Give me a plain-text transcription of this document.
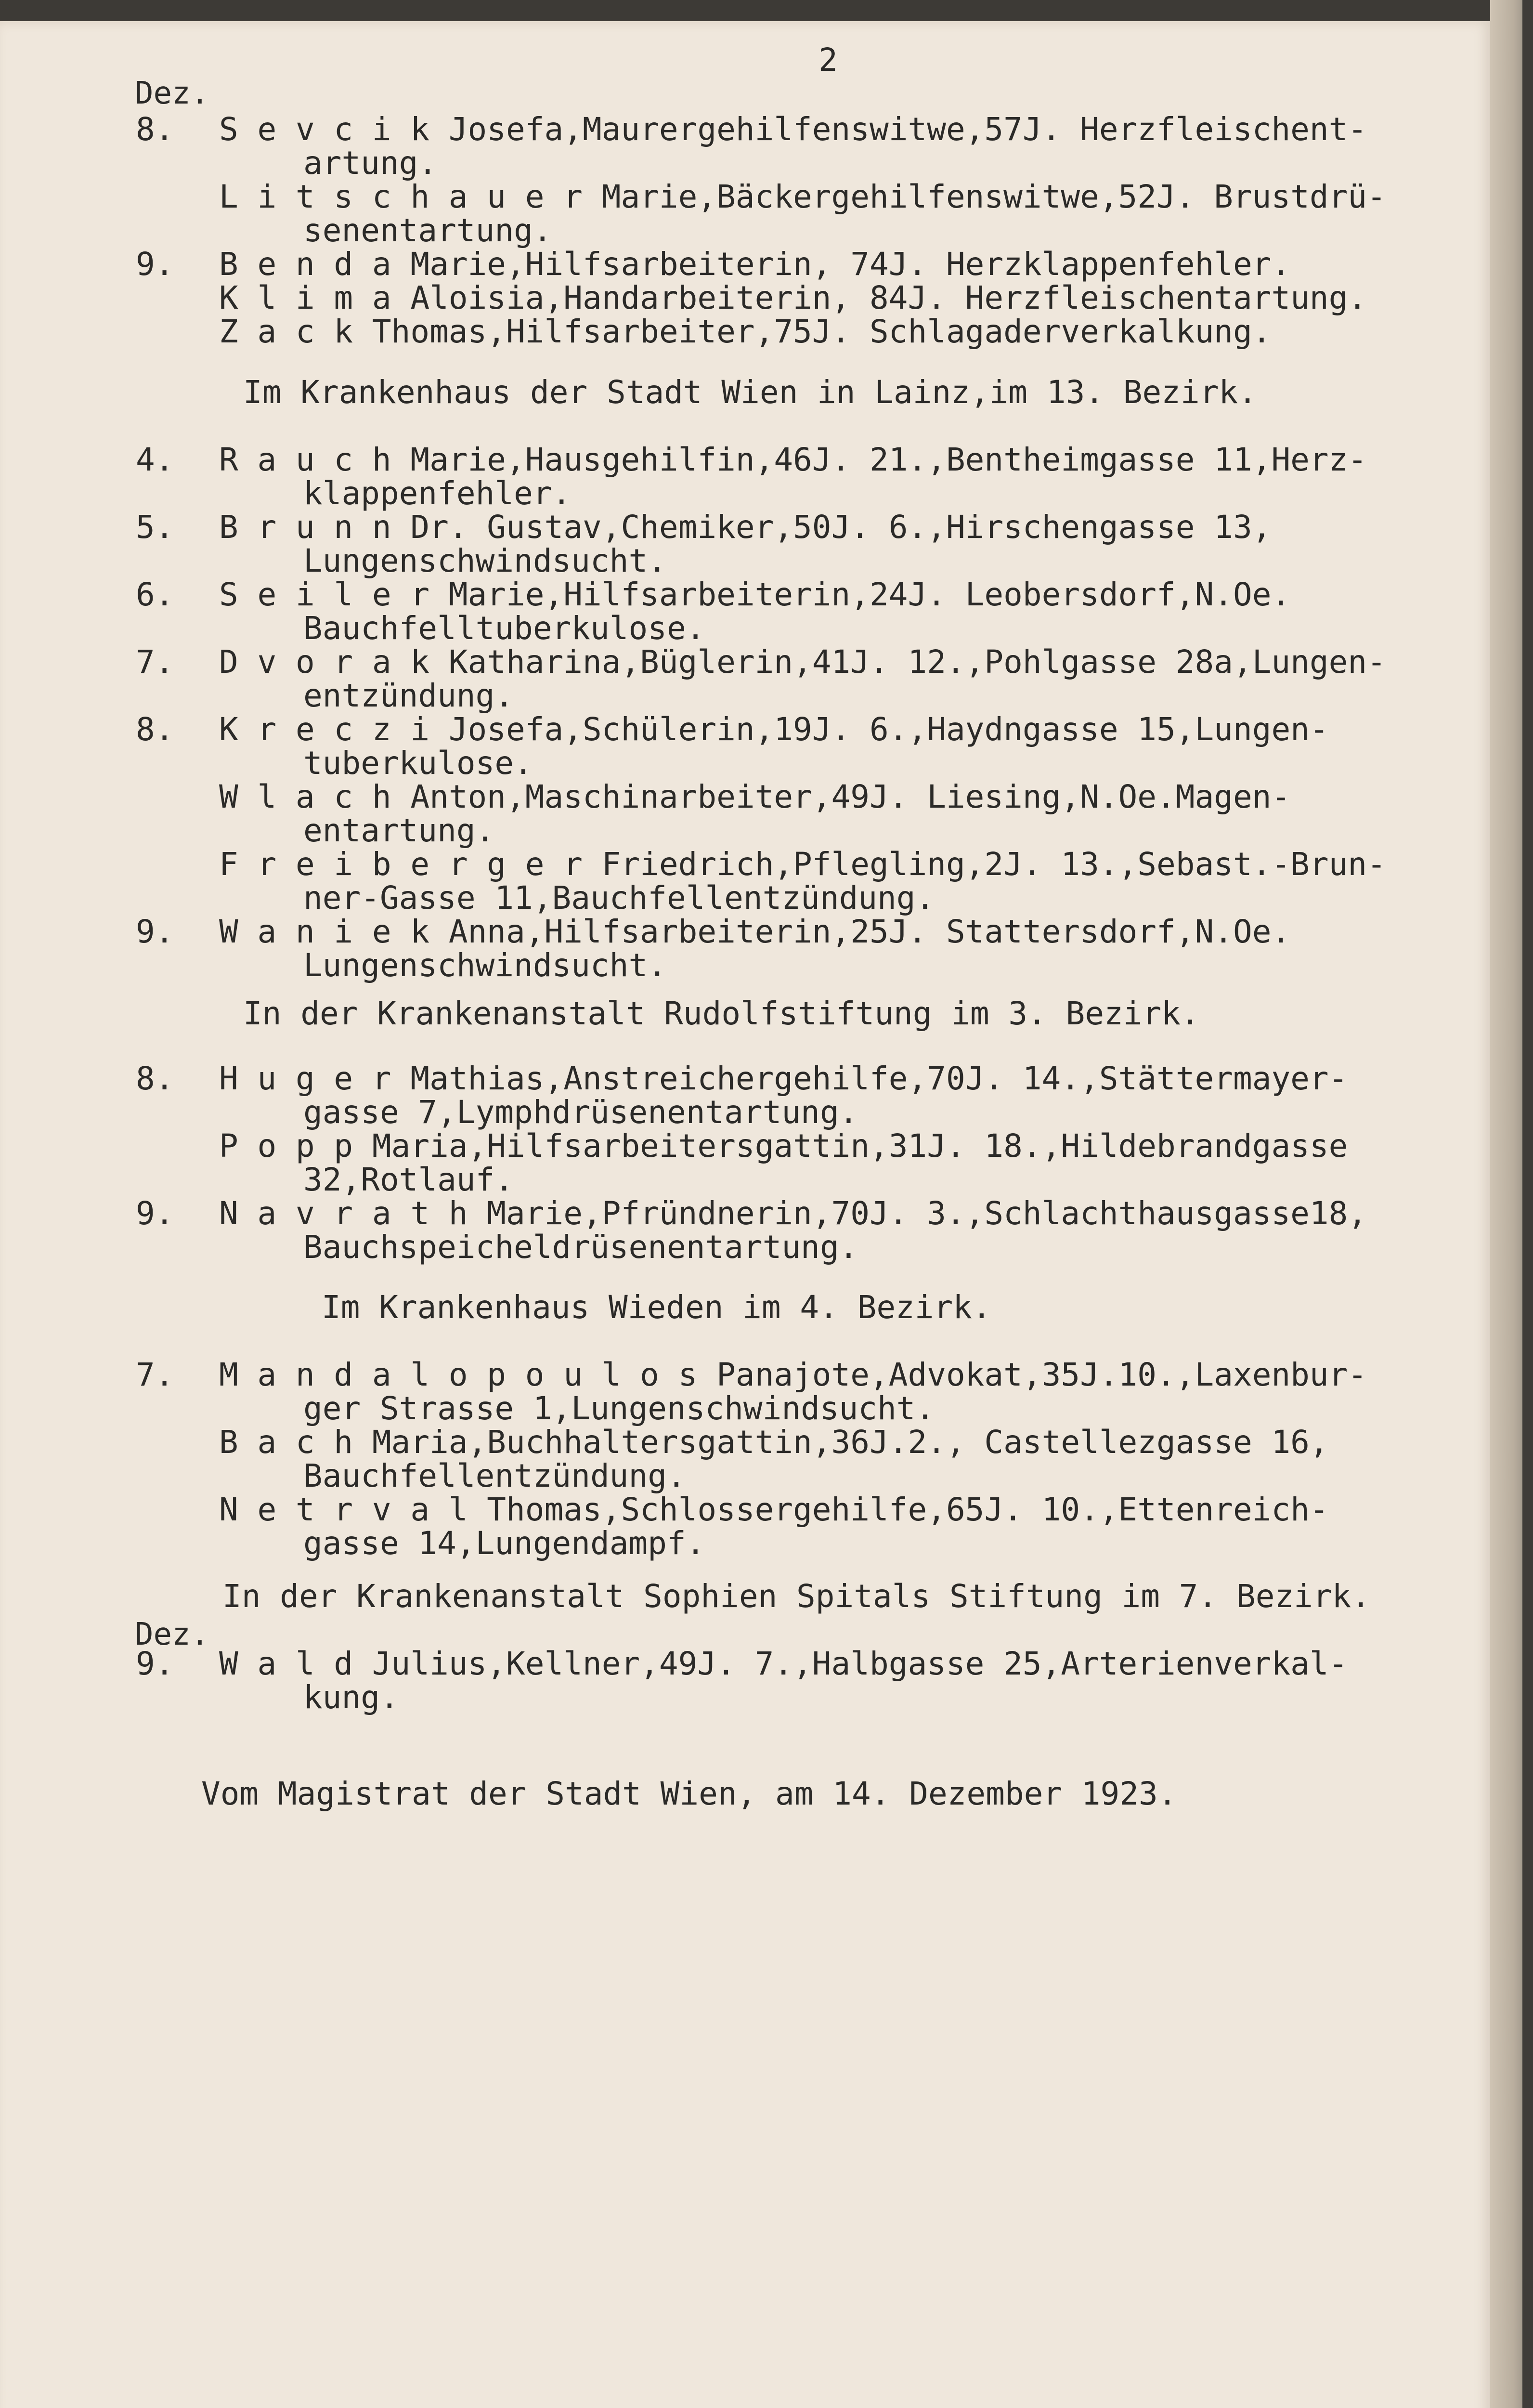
2
Dez.
8. S e v c i k Josefa,Maurergehilfenswitwe,57J. Herzfleischent-
artung.
L i t s c h a u e r Marie,Bäckergehilfenswitwe,52J. Brustdrü-
senentartung.
9. B e n d a Marie,Hilfsarbeiterin, 74J. Herzklappenfehler.
K l i m a Aloisia,Handarbeiterin, 84J. Herzfleischentartung.
Z a c k Thomas,Hilfsarbeiter,75J. Schlagaderverkalkung.
Im Krankenhaus der Stadt Wien in Lainz,im 13. Bezirk.
4. R a u c h Marie,Hausgehilfin,46J. 21.,Bentheimgasse 11,Herz-
klappenfehler.
5. B r u n n Dr. Gustav,Chemiker,50J. 6.,Hirschengasse 13,
Lungenschwindsucht.
6. S e i l e r Marie,Hilfsarbeiterin,24J. Leobersdorf,N.Oe.
Bauchfelltuberkulose.
7. D v o r a k Katharina,Büglerin,41J. 12.,Pohlgasse 28a,Lungen-
entzündung.
8. K r e c z i Josefa,Schülerin,19J. 6.,Haydngasse 15,Lungen-
tuberkulose.
W l a c h Anton,Maschinarbeiter,49J. Liesing,N.Oe.Magen-
entartung.
F r e i b e r g e r Friedrich,Pflegling,2J. 13.,Sebast.-Brun-
ner-Gasse 11,Bauchfellentzündung.
9. W a n i e k Anna,Hilfsarbeiterin,25J. Stattersdorf,N.Oe.
Lungenschwindsucht.
In der Krankenanstalt Rudolfstiftung im 3. Bezirk.
8. H u g e r Mathias,Anstreichergehilfe,70J. 14.,Stättermayer-
gasse 7,Lymphdrüsenentartung.
P o p p Maria,Hilfsarbeitersgattin,31J. 18.,Hildebrandgasse
32,Rotlauf.
9. N a v r a t h Marie,Pfründnerin,70J. 3.,Schlachthausgasse18,
Bauchspeicheldrüsenentartung.
Im Krankenhaus Wieden im 4. Bezirk.
7. M a n d a l o p o u l o s Panajote,Advokat,35J.10.,Laxenbur-
ger Strasse 1,Lungenschwindsucht.
B a c h Maria,Buchhaltersgattin,36J.2., Castellezgasse 16,
Bauchfellentzündung.
N e t r v a l Thomas,Schlossergehilfe,65J. 10.,Ettenreich-
gasse 14,Lungendampf.
In der Krankenanstalt Sophien Spitals Stiftung im 7. Bezirk.
Dez.
9. W a l d Julius,Kellner,49J. 7.,Halbgasse 25,Arterienverkal-
kung.
Vom Magistrat der Stadt Wien, am 14. Dezember 1923.
